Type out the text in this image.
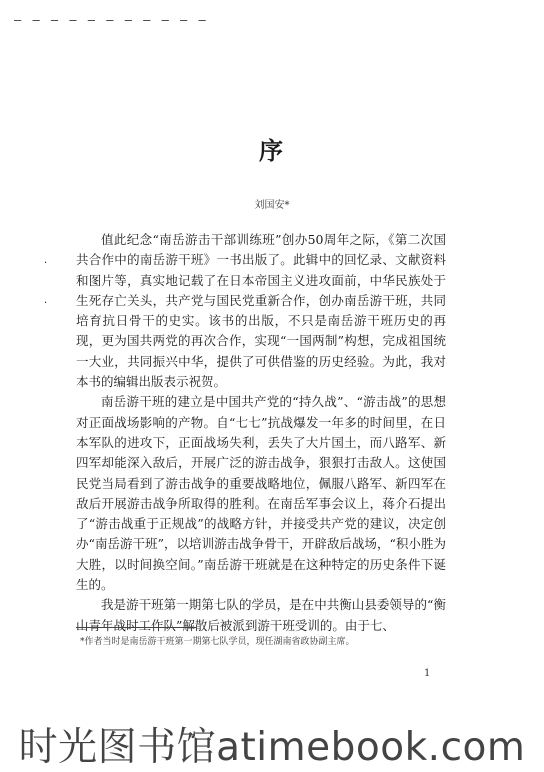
— — — — — — — — — — —
序
刘国安*
·
·

值此纪念“南岳游击干部训练班”创办50周年之际，《第二次国共合作中的南岳游干班》一书出版了。此辑中的回忆录、文献资料和图片等，真实地记载了在日本帝国主义进攻面前，中华民族处于生死存亡关头，共产党与国民党重新合作，创办南岳游干班，共同培育抗日骨干的史实。该书的出版，不只是南岳游干班历史的再现，更为国共两党的再次合作，实现“一国两制”构想，完成祖国统一大业，共同振兴中华，提供了可供借鉴的历史经验。为此，我对本书的编辑出版表示祝贺。

南岳游干班的建立是中国共产党的“持久战”、“游击战”的思想对正面战场影响的产物。自“七七”抗战爆发一年多的时间里，在日本军队的进攻下，正面战场失利，丢失了大片国土，而八路军、新四军却能深入敌后，开展广泛的游击战争，狠狠打击敌人。这使国民党当局看到了游击战争的重要战略地位，佩服八路军、新四军在敌后开展游击战争所取得的胜利。在南岳军事会议上，蒋介石提出了“游击战重于正规战”的战略方针，并接受共产党的建议，决定创办“南岳游干班”，以培训游击战争骨干，开辟敌后战场，“积小胜为大胜，以时间换空间。”南岳游干班就是在这种特定的历史条件下诞生的。

我是游干班第一期第七队的学员，是在中共衡山县委领导的“衡山青年战时工作队”解散后被派到游干班受训的。由于七、

*作者当时是南岳游干班第一期第七队学员，现任湖南省政协副主席。
1
时光图书馆atimebook.com
